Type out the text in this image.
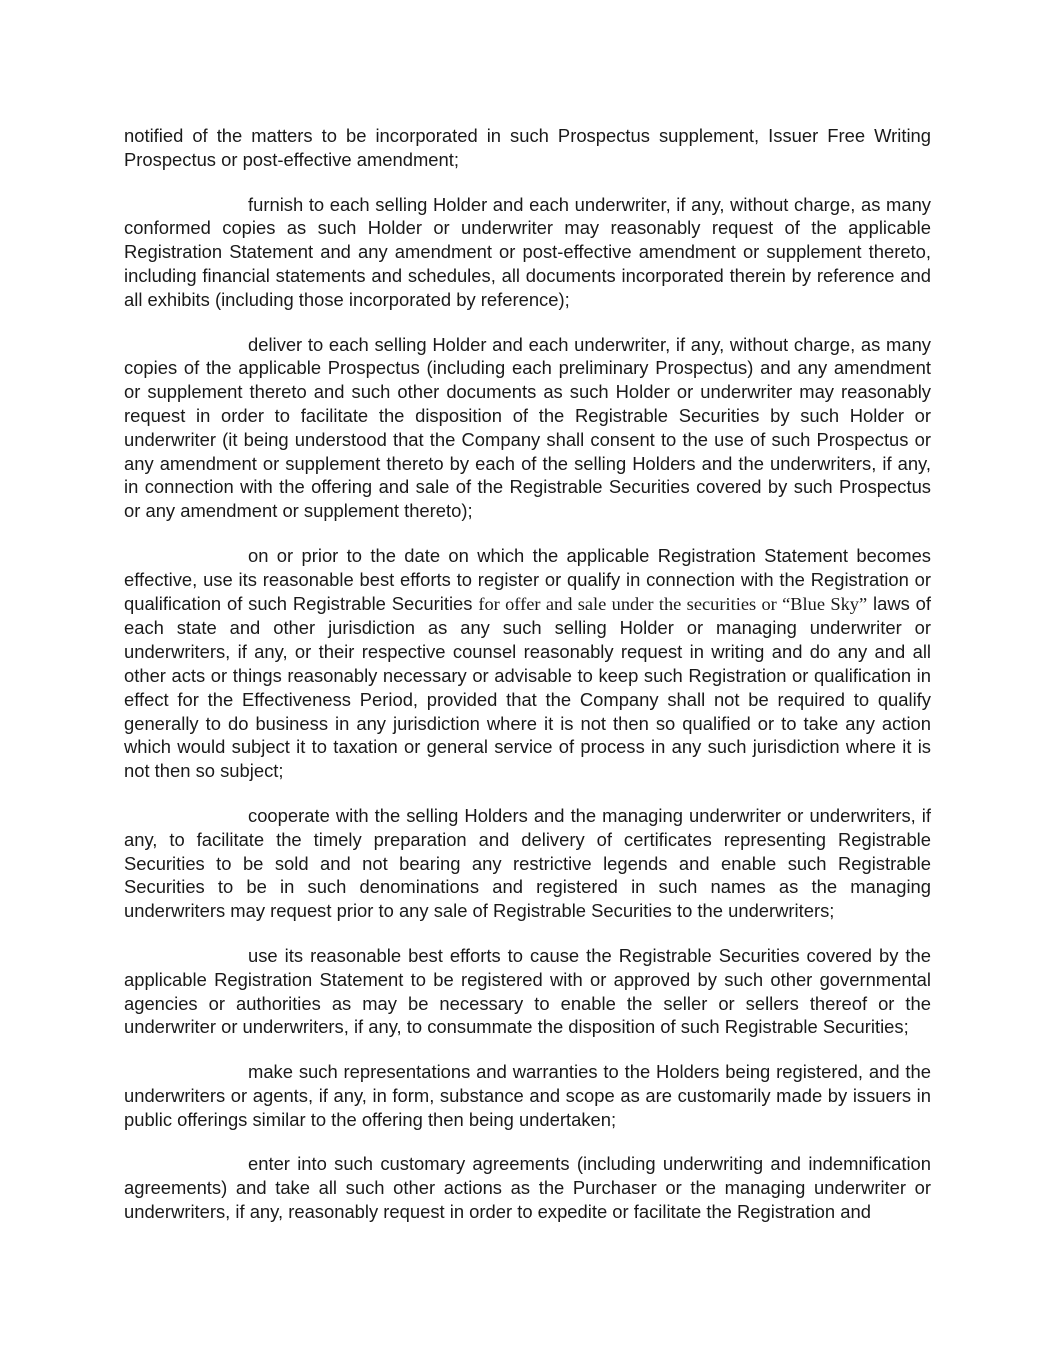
notified of the matters to be incorporated in such Prospectus supplement, Issuer Free Writing Prospectus or post-effective amendment;

furnish to each selling Holder and each underwriter, if any, without charge, as many conformed copies as such Holder or underwriter may reasonably request of the applicable Registration Statement and any amendment or post-effective amendment or supplement thereto, including financial statements and schedules, all documents incorporated therein by reference and all exhibits (including those incorporated by reference);

deliver to each selling Holder and each underwriter, if any, without charge, as many copies of the applicable Prospectus (including each preliminary Prospectus) and any amendment or supplement thereto and such other documents as such Holder or underwriter may reasonably request in order to facilitate the disposition of the Registrable Securities by such Holder or underwriter (it being understood that the Company shall consent to the use of such Prospectus or any amendment or supplement thereto by each of the selling Holders and the underwriters, if any, in connection with the offering and sale of the Registrable Securities covered by such Prospectus or any amendment or supplement thereto);

on or prior to the date on which the applicable Registration Statement becomes effective, use its reasonable best efforts to register or qualify in connection with the Registration or qualification of such Registrable Securities for offer and sale under the securities or “Blue Sky” laws of each state and other jurisdiction as any such selling Holder or managing underwriter or underwriters, if any, or their respective counsel reasonably request in writing and do any and all other acts or things reasonably necessary or advisable to keep such Registration or qualification in effect for the Effectiveness Period, provided that the Company shall not be required to qualify generally to do business in any jurisdiction where it is not then so qualified or to take any action which would subject it to taxation or general service of process in any such jurisdiction where it is not then so subject;

cooperate with the selling Holders and the managing underwriter or underwriters, if any, to facilitate the timely preparation and delivery of certificates representing Registrable Securities to be sold and not bearing any restrictive legends and enable such Registrable Securities to be in such denominations and registered in such names as the managing underwriters may request prior to any sale of Registrable Securities to the underwriters;

use its reasonable best efforts to cause the Registrable Securities covered by the applicable Registration Statement to be registered with or approved by such other governmental agencies or authorities as may be necessary to enable the seller or sellers thereof or the underwriter or underwriters, if any, to consummate the disposition of such Registrable Securities;

make such representations and warranties to the Holders being registered, and the underwriters or agents, if any, in form, substance and scope as are customarily made by issuers in public offerings similar to the offering then being undertaken;

enter into such customary agreements (including underwriting and indemnification agreements) and take all such other actions as the Purchaser or the managing underwriter or underwriters, if any, reasonably request in order to expedite or facilitate the Registration and
